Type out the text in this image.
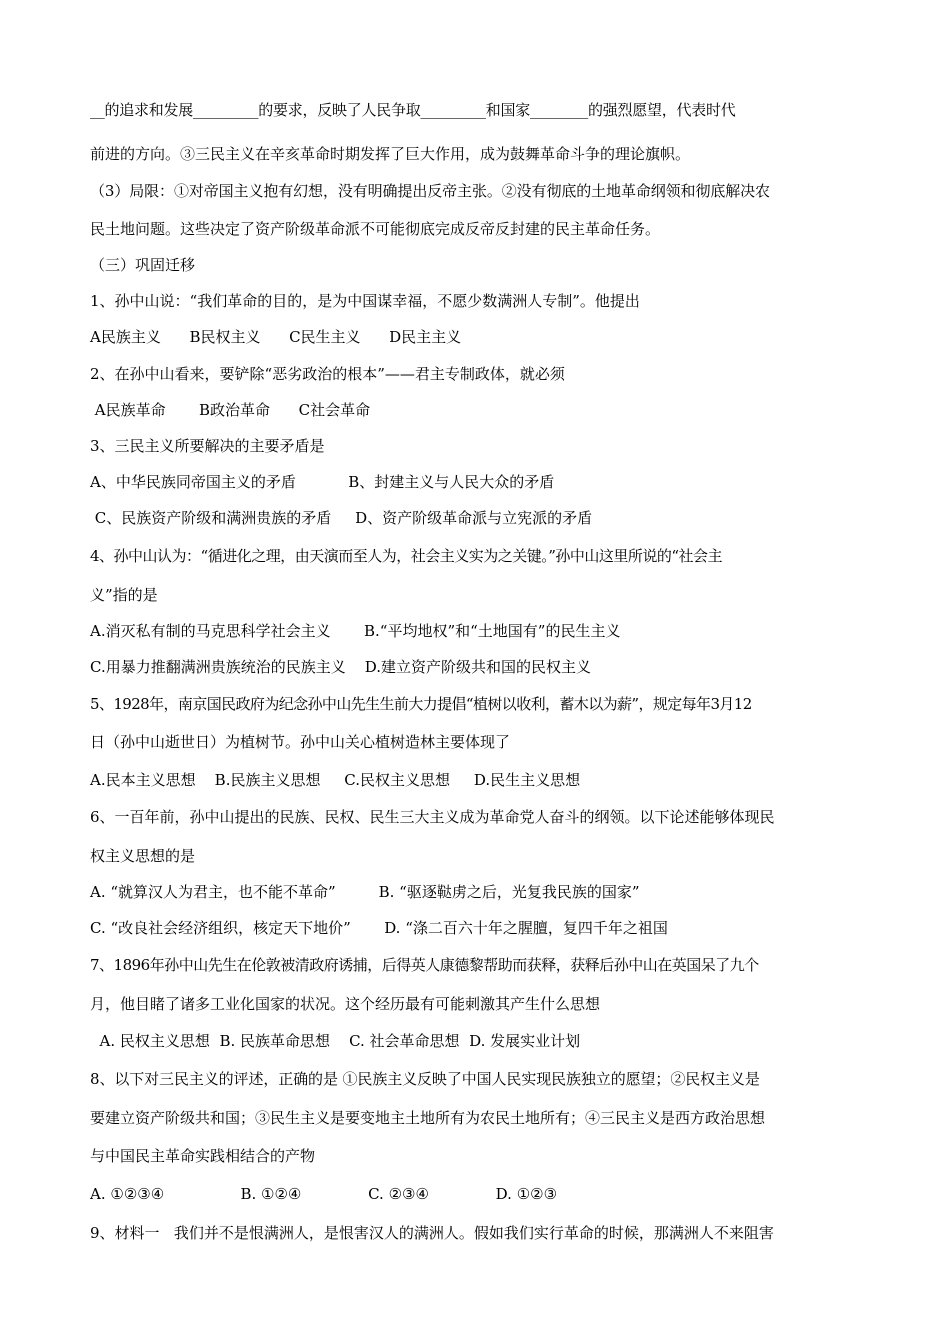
__的追求和发展_________的要求，反映了人民争取_________和国家________的强烈愿望，代表时代

前进的方向。③三民主义在辛亥革命时期发挥了巨大作用，成为鼓舞革命斗争的理论旗帜。

（3）局限：①对帝国主义抱有幻想，没有明确提出反帝主张。②没有彻底的土地革命纲领和彻底解决农

民土地问题。这些决定了资产阶级革命派不可能彻底完成反帝反封建的民主革命任务。

（三）巩固迁移

1、孙中山说：“我们革命的目的，是为中国谋幸福，不愿少数满洲人专制”。他提出

A民族主义      B民权主义      C民生主义      D民主主义

2、在孙中山看来，要铲除“恶劣政治的根本”——君主专制政体，就必须

A民族革命       B政治革命      C社会革命

3、三民主义所要解决的主要矛盾是

A、中华民族同帝国主义的矛盾           B、封建主义与人民大众的矛盾

C、民族资产阶级和满洲贵族的矛盾     D、资产阶级革命派与立宪派的矛盾

4、孙中山认为：“循进化之理，由天演而至人为，社会主义实为之关键。”孙中山这里所说的“社会主

义”指的是

A.消灭私有制的马克思科学社会主义       B.“平均地权”和“土地国有”的民生主义

C.用暴力推翻满洲贵族统治的民族主义    D.建立资产阶级共和国的民权主义

5、1928年，南京国民政府为纪念孙中山先生生前大力提倡“植树以收利，蓄木以为薪”，规定每年3月12

日（孙中山逝世日）为植树节。孙中山关心植树造林主要体现了

A.民本主义思想    B.民族主义思想     C.民权主义思想     D.民生主义思想

6、一百年前，孙中山提出的民族、民权、民生三大主义成为革命党人奋斗的纲领。以下论述能够体现民

权主义思想的是

A. “就算汉人为君主，也不能不革命”         B. “驱逐鞑虏之后，光复我民族的国家”

C. “改良社会经济组织，核定天下地价”       D. “涤二百六十年之腥膻，复四千年之祖国

7、1896年孙中山先生在伦敦被清政府诱捕，后得英人康德黎帮助而获释，获释后孙中山在英国呆了九个

月，他目睹了诸多工业化国家的状况。这个经历最有可能刺激其产生什么思想

A. 民权主义思想  B. 民族革命思想    C. 社会革命思想  D. 发展实业计划

8、以下对三民主义的评述，正确的是 ①民族主义反映了中国人民实现民族独立的愿望；②民权主义是

要建立资产阶级共和国；③民生主义是要变地主土地所有为农民土地所有；④三民主义是西方政治思想

与中国民主革命实践相结合的产物

A. ①②③④                B. ①②④              C. ②③④              D. ①②③

9、材料一   我们并不是恨满洲人，是恨害汉人的满洲人。假如我们实行革命的时候，那满洲人不来阻害
